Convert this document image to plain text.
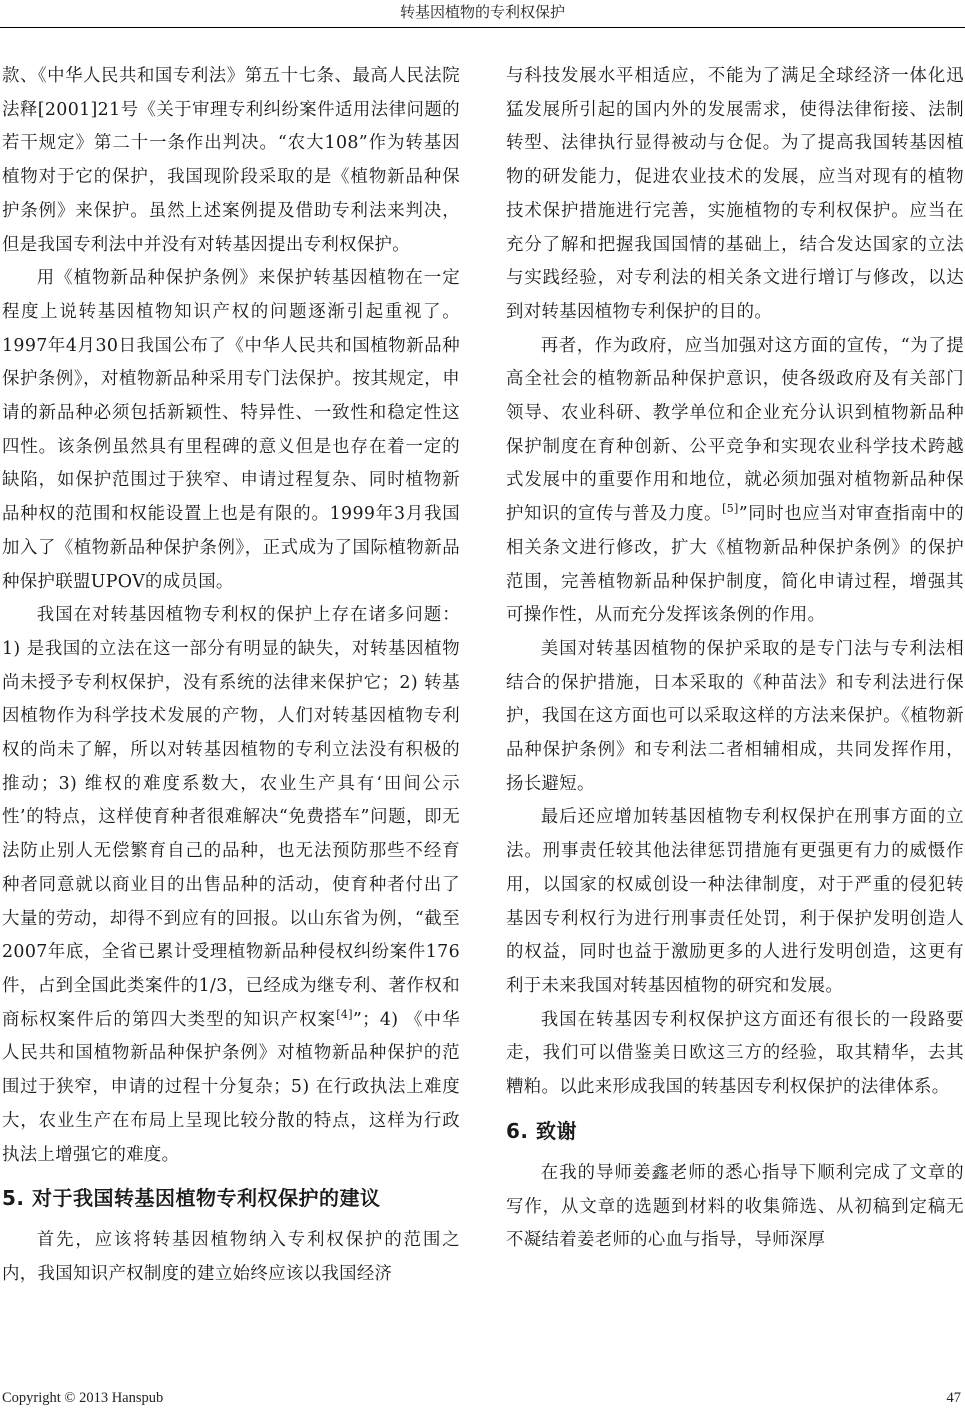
转基因植物的专利权保护

款、《中华人民共和国专利法》第五十七条、最高人民法院法释[2001]21号《关于审理专利纠纷案件适用法律问题的若干规定》第二十一条作出判决。“农大108”作为转基因植物对于它的保护，我国现阶段采取的是《植物新品种保护条例》来保护。虽然上述案例提及借助专利法来判决，但是我国专利法中并没有对转基因提出专利权保护。

用《植物新品种保护条例》来保护转基因植物在一定程度上说转基因植物知识产权的问题逐渐引起重视了。1997年4月30日我国公布了《中华人民共和国植物新品种保护条例》，对植物新品种采用专门法保护。按其规定，申请的新品种必须包括新颖性、特异性、一致性和稳定性这四性。该条例虽然具有里程碑的意义但是也存在着一定的缺陷，如保护范围过于狭窄、申请过程复杂、同时植物新品种权的范围和权能设置上也是有限的。1999年3月我国加入了《植物新品种保护条例》，正式成为了国际植物新品种保护联盟UPOV的成员国。

我国在对转基因植物专利权的保护上存在诸多问题：1) 是我国的立法在这一部分有明显的缺失，对转基因植物尚未授予专利权保护，没有系统的法律来保护它；2) 转基因植物作为科学技术发展的产物，人们对转基因植物专利权的尚未了解，所以对转基因植物的专利立法没有积极的推动；3) 维权的难度系数大，农业生产具有‘田间公示性’的特点，这样使育种者很难解决“免费搭车”问题，即无法防止别人无偿繁育自己的品种，也无法预防那些不经育种者同意就以商业目的出售品种的活动，使育种者付出了大量的劳动，却得不到应有的回报。以山东省为例，“截至2007年底，全省已累计受理植物新品种侵权纠纷案件176件，占到全国此类案件的1/3，已经成为继专利、著作权和商标权案件后的第四大类型的知识产权案[4]”；4) 《中华人民共和国植物新品种保护条例》对植物新品种保护的范围过于狭窄，申请的过程十分复杂；5) 在行政执法上难度大，农业生产在布局上呈现比较分散的特点，这样为行政执法上增强它的难度。

5. 对于我国转基因植物专利权保护的建议

首先，应该将转基因植物纳入专利权保护的范围之内，我国知识产权制度的建立始终应该以我国经济

与科技发展水平相适应，不能为了满足全球经济一体化迅猛发展所引起的国内外的发展需求，使得法律衔接、法制转型、法律执行显得被动与仓促。为了提高我国转基因植物的研发能力，促进农业技术的发展，应当对现有的植物技术保护措施进行完善，实施植物的专利权保护。应当在充分了解和把握我国国情的基础上，结合发达国家的立法与实践经验，对专利法的相关条文进行增订与修改，以达到对转基因植物专利保护的目的。

再者，作为政府，应当加强对这方面的宣传，“为了提高全社会的植物新品种保护意识，使各级政府及有关部门领导、农业科研、教学单位和企业充分认识到植物新品种保护制度在育种创新、公平竞争和实现农业科学技术跨越式发展中的重要作用和地位，就必须加强对植物新品种保护知识的宣传与普及力度。[5]”同时也应当对审查指南中的相关条文进行修改，扩大《植物新品种保护条例》的保护范围，完善植物新品种保护制度，简化申请过程，增强其可操作性，从而充分发挥该条例的作用。

美国对转基因植物的保护采取的是专门法与专利法相结合的保护措施，日本采取的《种苗法》和专利法进行保护，我国在这方面也可以采取这样的方法来保护。《植物新品种保护条例》和专利法二者相辅相成，共同发挥作用，扬长避短。

最后还应增加转基因植物专利权保护在刑事方面的立法。刑事责任较其他法律惩罚措施有更强更有力的威慑作用，以国家的权威创设一种法律制度，对于严重的侵犯转基因专利权行为进行刑事责任处罚，利于保护发明创造人的权益，同时也益于激励更多的人进行发明创造，这更有利于未来我国对转基因植物的研究和发展。

我国在转基因专利权保护这方面还有很长的一段路要走，我们可以借鉴美日欧这三方的经验，取其精华，去其糟粕。以此来形成我国的转基因专利权保护的法律体系。

6. 致谢

在我的导师姜鑫老师的悉心指导下顺利完成了文章的写作，从文章的选题到材料的收集筛选、从初稿到定稿无不凝结着姜老师的心血与指导，导师深厚

Copyright © 2013 Hanspub	47
